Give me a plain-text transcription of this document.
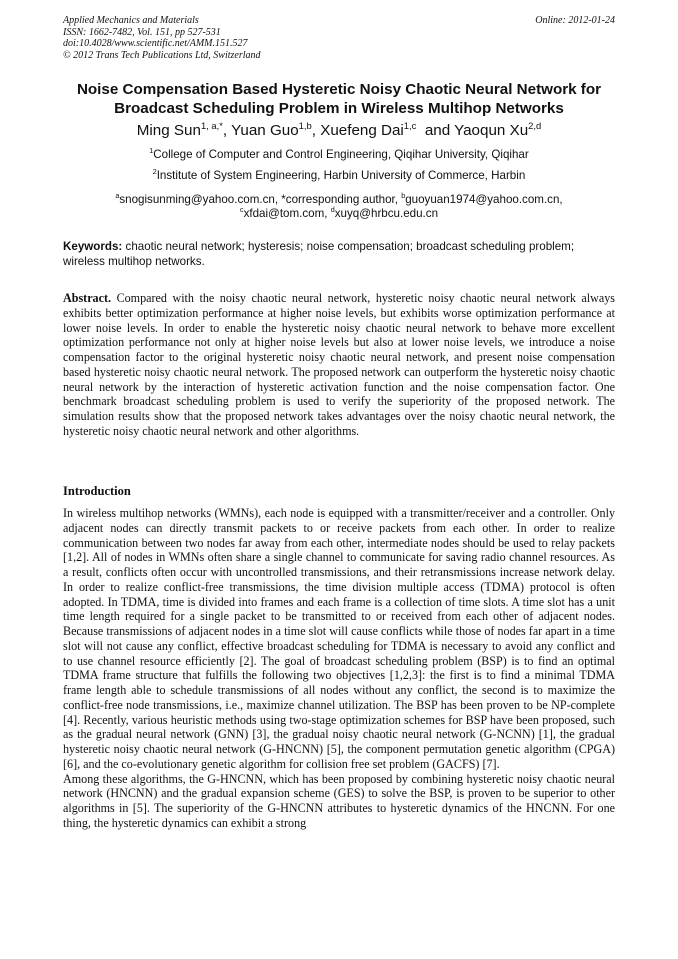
Applied Mechanics and Materials
ISSN: 1662-7482, Vol. 151, pp 527-531
doi:10.4028/www.scientific.net/AMM.151.527
© 2012 Trans Tech Publications Ltd, Switzerland
Online: 2012-01-24
Noise Compensation Based Hysteretic Noisy Chaotic Neural Network for
Broadcast Scheduling Problem in Wireless Multihop Networks
Ming Sun$^{1, a,*}$, Yuan Guo$^{1,b}$, Xuefeng Dai$^{1,c}$ and Yaoqun Xu$^{2,d}$
$^1$College of Computer and Control Engineering, Qiqihar University, Qiqihar
$^2$Institute of System Engineering, Harbin University of Commerce, Harbin
$^a$snogisunming@yahoo.com.cn, *corresponding author, $^b$guoyuan1974@yahoo.com.cn,
$^c$xfdai@tom.com, $^d$xuyq@hrbcu.edu.cn
Keywords: chaotic neural network; hysteresis; noise compensation; broadcast scheduling problem; wireless multihop networks.

Abstract. Compared with the noisy chaotic neural network, hysteretic noisy chaotic neural network always exhibits better optimization performance at higher noise levels, but exhibits worse optimization performance at lower noise levels. In order to enable the hysteretic noisy chaotic neural network to behave more excellent optimization performance not only at higher noise levels but also at lower noise levels, we introduce a noise compensation factor to the original hysteretic noisy chaotic neural network, and present noise compensation based hysteretic noisy chaotic neural network. The proposed network can outperform the hysteretic noisy chaotic neural network by the interaction of hysteretic activation function and the noise compensation factor. One benchmark broadcast scheduling problem is used to verify the superiority of the proposed network. The simulation results show that the proposed network takes advantages over the noisy chaotic neural network, the hysteretic noisy chaotic neural network and other algorithms.

Introduction

In wireless multihop networks (WMNs), each node is equipped with a transmitter/receiver and a controller. Only adjacent nodes can directly transmit packets to or receive packets from each other. In order to realize communication between two nodes far away from each other, intermediate nodes should be used to relay packets [1,2]. All of nodes in WMNs often share a single channel to communicate for saving radio channel resources. As a result, conflicts often occur with uncontrolled transmissions, and their retransmissions increase network delay. In order to realize conflict-free transmissions, the time division multiple access (TDMA) protocol is often adopted. In TDMA, time is divided into frames and each frame is a collection of time slots. A time slot has a unit time length required for a single packet to be transmitted to or received from each other of adjacent nodes. Because transmissions of adjacent nodes in a time slot will cause conflicts while those of nodes far apart in a time slot will not cause any conflict, effective broadcast scheduling for TDMA is necessary to avoid any conflict and to use channel resource efficiently [2]. The goal of broadcast scheduling problem (BSP) is to find an optimal TDMA frame structure that fulfills the following two objectives [1,2,3]: the first is to find a minimal TDMA frame length able to schedule transmissions of all nodes without any conflict, the second is to maximize the conflict-free node transmissions, i.e., maximize channel utilization. The BSP has been proven to be NP-complete [4]. Recently, various heuristic methods using two-stage optimization schemes for BSP have been proposed, such as the gradual neural network (GNN) [3], the gradual noisy chaotic neural network (G-NCNN) [1], the gradual hysteretic noisy chaotic neural network (G-HNCNN) [5], the component permutation genetic algorithm (CPGA) [6], and the co-evolutionary genetic algorithm for collision free set problem (GACFS) [7].

Among these algorithms, the G-HNCNN, which has been proposed by combining hysteretic noisy chaotic neural network (HNCNN) and the gradual expansion scheme (GES) to solve the BSP, is proven to be superior to other algorithms in [5]. The superiority of the G-HNCNN attributes to hysteretic dynamics of the HNCNN. For one thing, the hysteretic dynamics can exhibit a strong
